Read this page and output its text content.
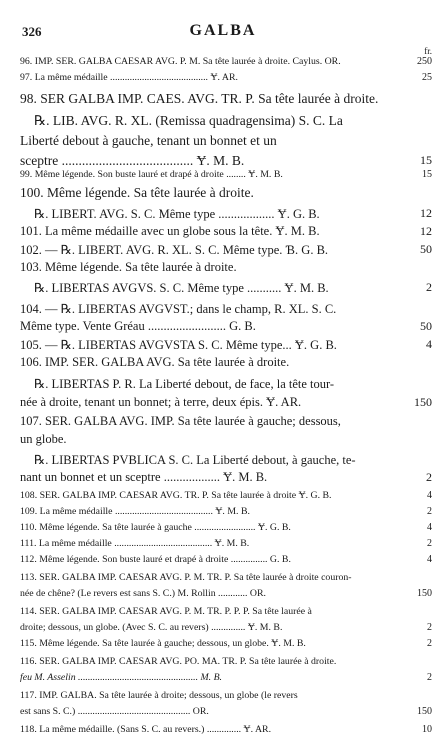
326	GALBA
fr.
96. IMP. SER. GALBA CAESAR AVG. P. M. Sa tête laurée à droite. Caylus. OR.	250
97. La même médaille ........................................ Ɏ. AR.	25
98. SER GALBA IMP. CAES. AVG. TR. P. Sa tête laurée à droite.
℞. LIB. AVG. R. XL. (Remissa quadragensima) S. C. La
Liberté debout à gauche, tenant un bonnet et un
sceptre ....................................... Ɏ. M. B.	15
99. Même légende. Son buste lauré et drapé à droite ........ Ɏ. M. B.	15
100. Même légende. Sa tête laurée à droite.
℞. LIBERT. AVG. S. C. Même type .................. Ɏ. G. B.	12
101. La même médaille avec un globe sous la tête. Ɏ. M. B.	12
102. — ℞. LIBERT. AVG. R. XL. S. C. Même type. Ɓ. G. B.	50
103. Même légende. Sa tête laurée à droite.
℞. LIBERTAS AVGVS. S. C. Même type ........... Ɏ. M. B.	2
104. — ℞. LIBERTAS AVGVST.; dans le champ, R. XL. S. C.
Même type. Vente Gréau ......................... G. B.	50
105. — ℞. LIBERTAS AVGVSTA S. C. Même type... Ɏ. G. B.	4
106. IMP. SER. GALBA AVG. Sa tête laurée à droite.
℞. LIBERTAS P. R. La Liberté debout, de face, la tête tour-
née à droite, tenant un bonnet; à terre, deux épis. Ɏ. AR.	150
107. SER. GALBA AVG. IMP. Sa tête laurée à gauche; dessous,
un globe.
℞. LIBERTAS PVBLICA S. C. La Liberté debout, à gauche, te-
nant un bonnet et un sceptre .................. Ɏ. M. B.	2
108. SER. GALBA IMP. CAESAR AVG. TR. P. Sa tête laurée à droite Ɏ. G. B.	4
109. La même médaille ........................................ Ɏ. M. B.	2
110. Même légende. Sa tête laurée à gauche ......................... Ɏ. G. B.	4
111. La même médaille ........................................ Ɏ. M. B.	2
112. Même légende. Son buste lauré et drapé à droite ............... G. B.	4
113. SER. GALBA IMP. CAESAR AVG. P. M. TR. P. Sa tête laurée à droite couron-
née de chêne? (Le revers est sans S. C.) M. Rollin ............ OR.	150
114. SER. GALBA IMP. CAESAR AVG. P. M. TR. P. P. P. Sa tête laurée à
droite; dessous, un globe. (Avec S. C. au revers) .............. Ɏ. M. B.	2
115. Même légende. Sa tête laurée à gauche; dessous, un globe. Ɏ. M. B.	2
116. SER. GALBA IMP. CAESAR AVG. PO. MA. TR. P. Sa tête laurée à droite.
feu M. Asselin ................................................. M. B.	2
117. IMP. GALBA. Sa tête laurée à droite; dessous, un globe (le revers
est sans S. C.) .............................................. OR.	150
118. La même médaille. (Sans S. C. au revers.) .............. Ɏ. AR.	10
